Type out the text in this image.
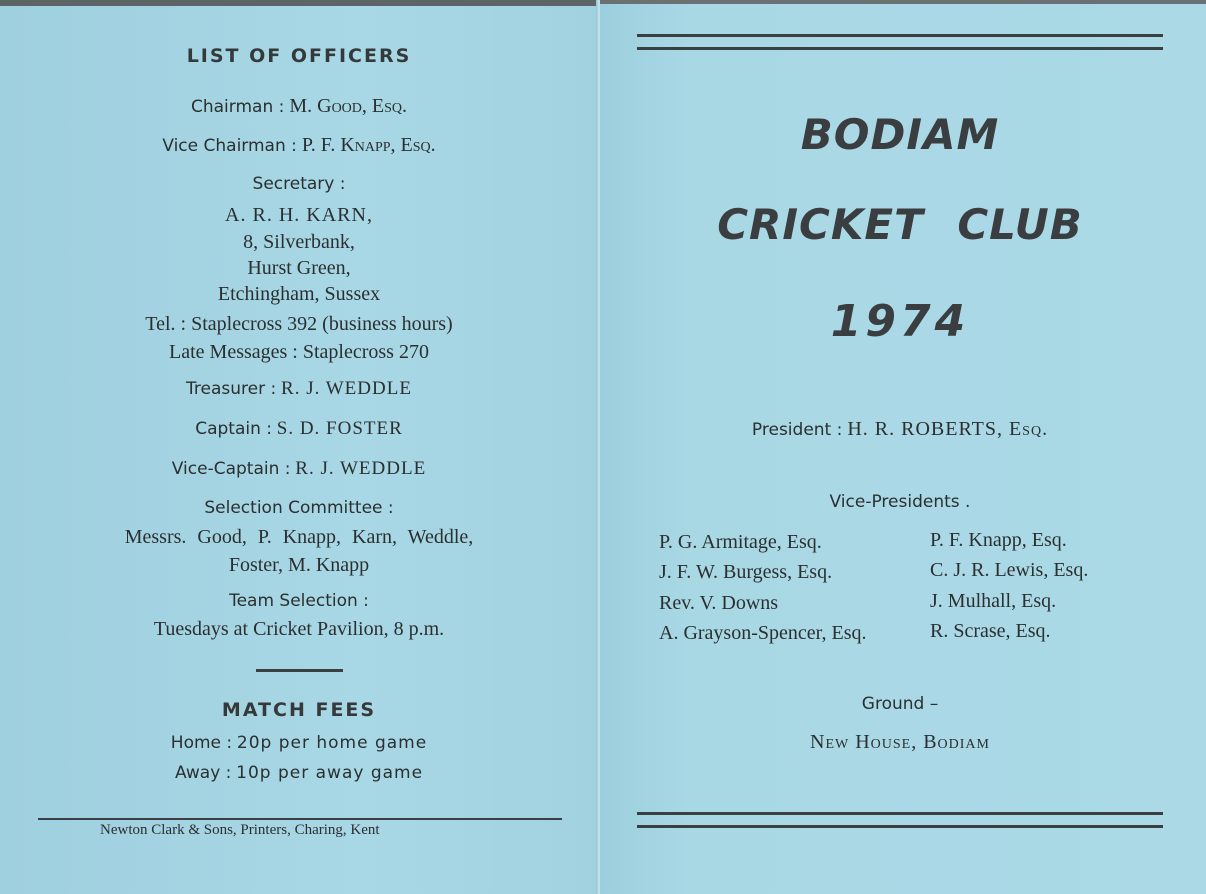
LIST OF OFFICERS
Chairman : M. Good, Esq.
Vice Chairman : P. F. Knapp, Esq.
Secretary :
A. R. H. KARN,
8, Silverbank,
Hurst Green,
Etchingham, Sussex
Tel. : Staplecross 392 (business hours)
Late Messages : Staplecross 270
Treasurer : R. J. WEDDLE
Captain : S. D. FOSTER
Vice-Captain : R. J. WEDDLE
Selection Committee :
Messrs. Good, P. Knapp, Karn, Weddle,
Foster, M. Knapp
Team Selection :
Tuesdays at Cricket Pavilion, 8 p.m.
MATCH FEES
Home : 20p per home game
Away : 10p per away game
Newton Clark & Sons, Printers, Charing, Kent
BODIAM
CRICKET CLUB
1974
President : H. R. ROBERTS, Esq.
Vice-Presidents .
P. G. Armitage, Esq.
J. F. W. Burgess, Esq.
Rev. V. Downs
A. Grayson-Spencer, Esq.
P. F. Knapp, Esq.
C. J. R. Lewis, Esq.
J. Mulhall, Esq.
R. Scrase, Esq.
Ground –
New House, Bodiam
